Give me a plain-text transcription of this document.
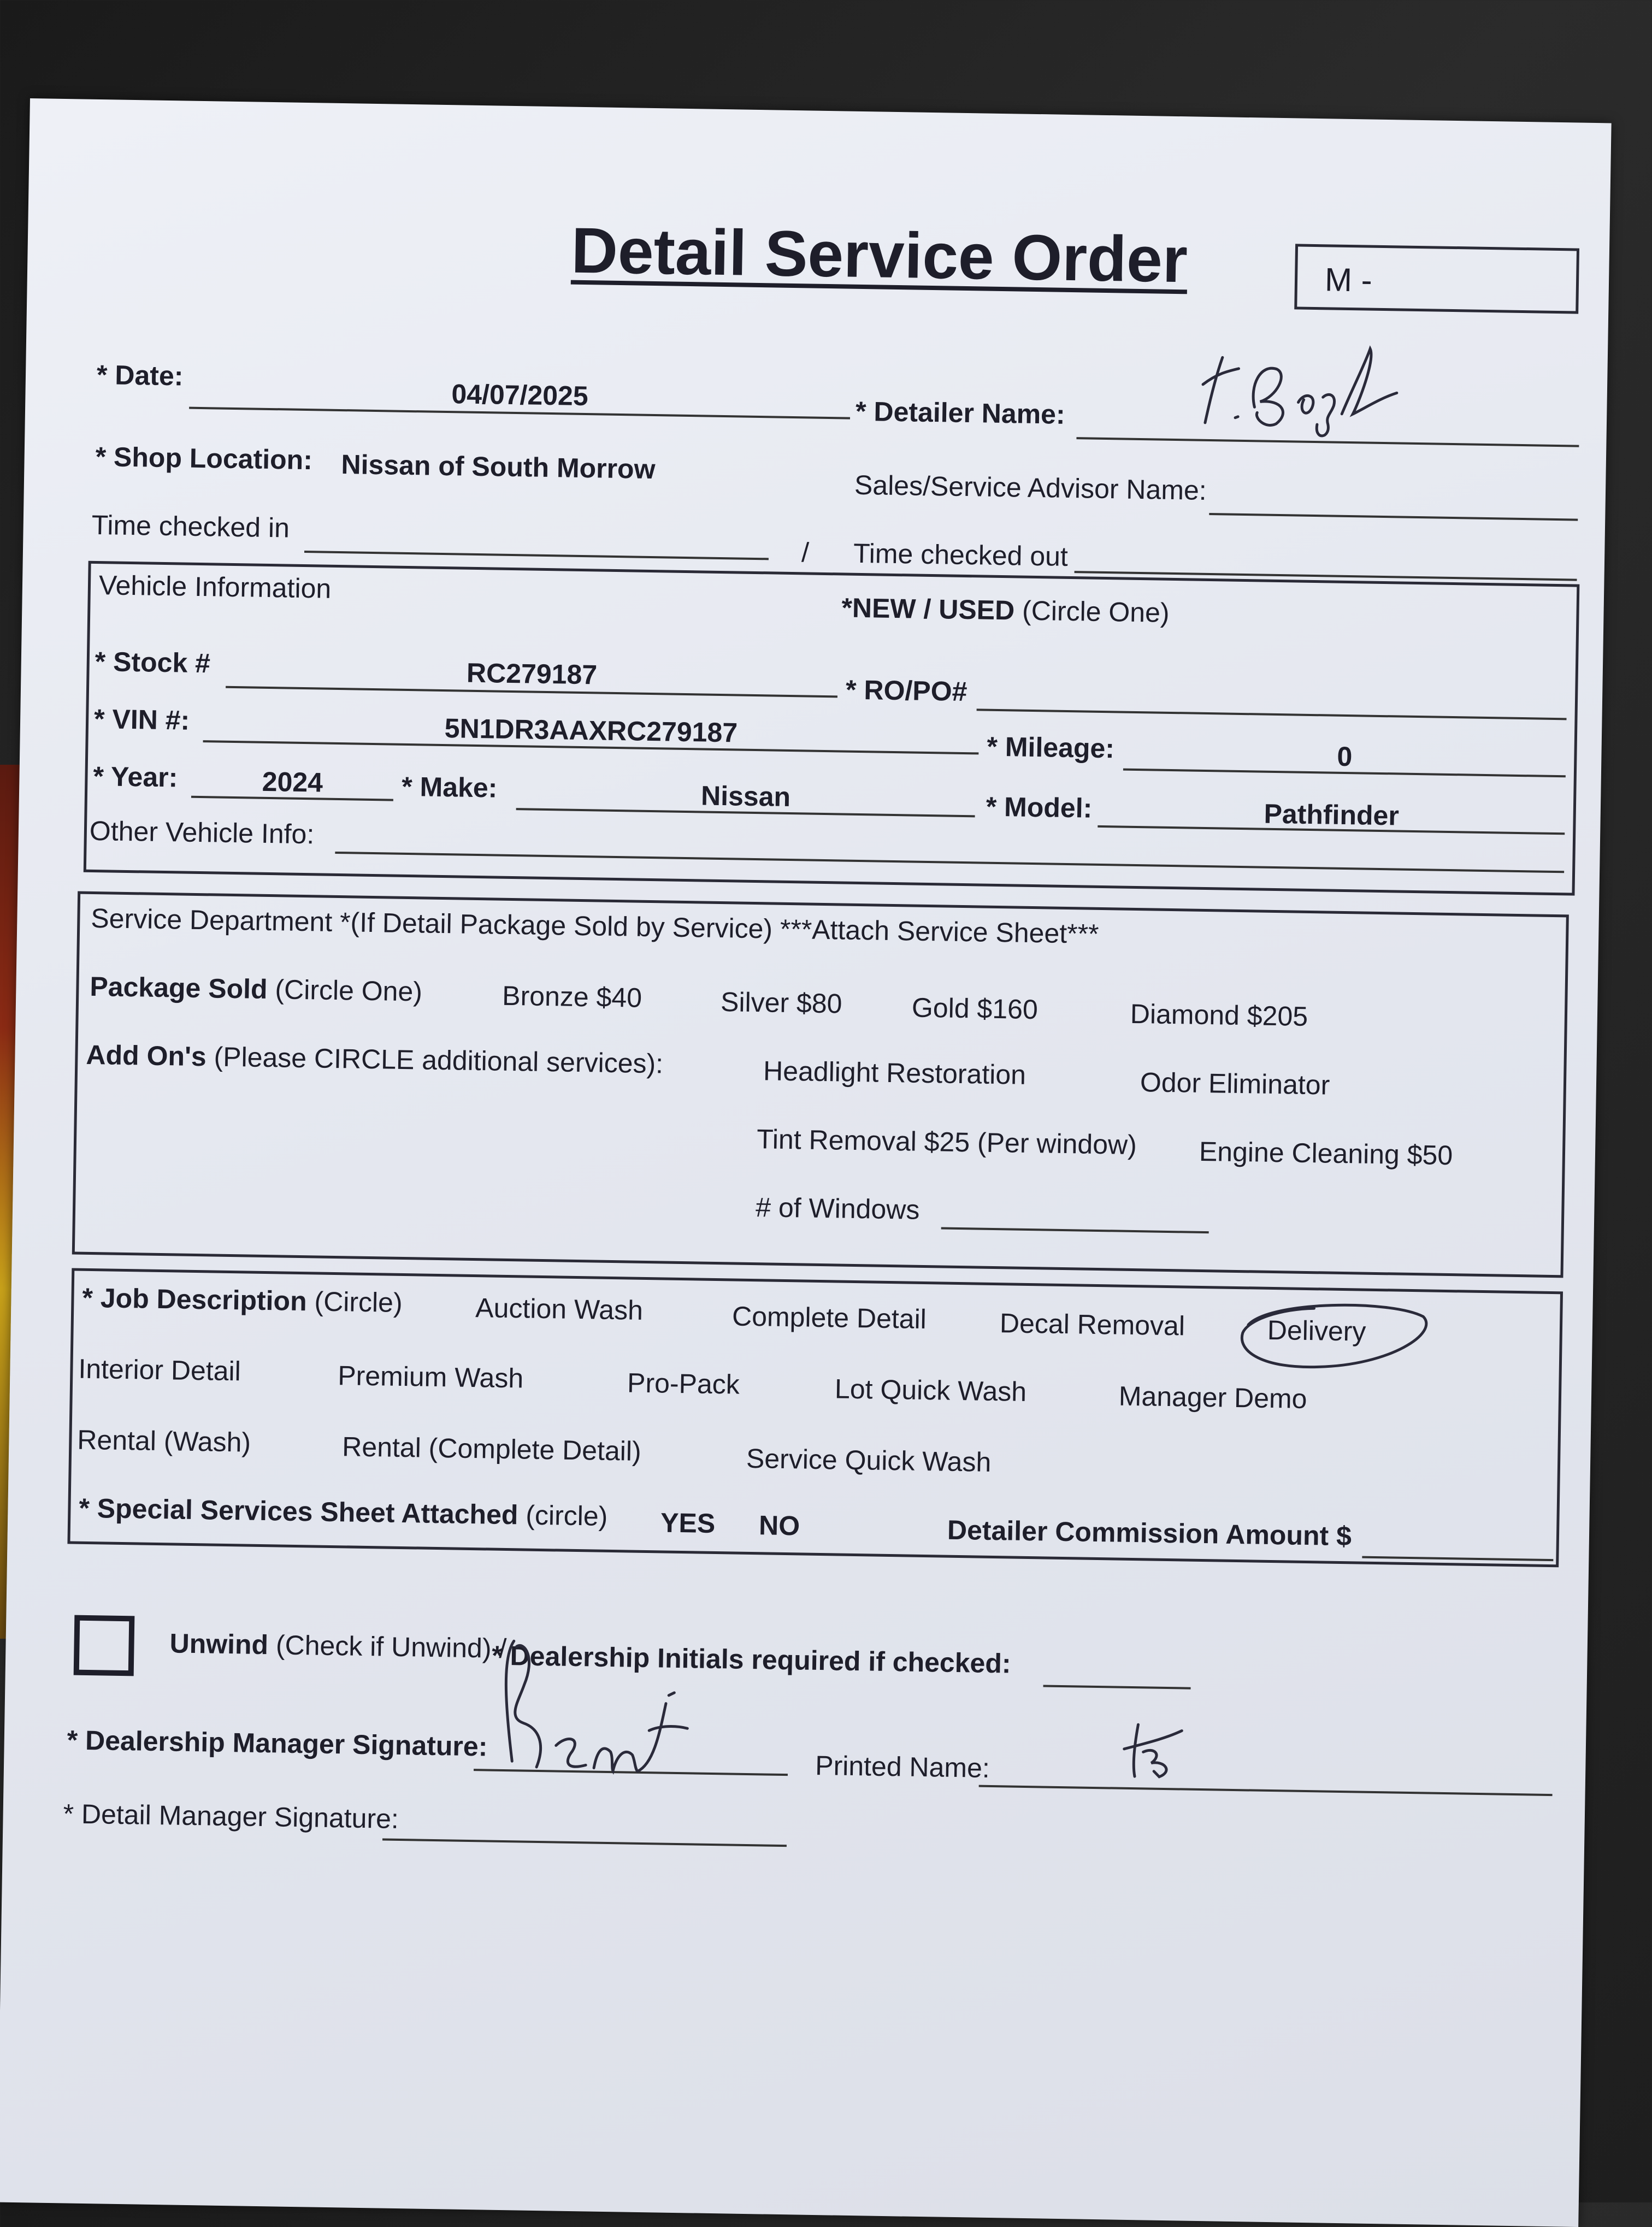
Detail Service Order	M -
* Date:
04/07/2025
* Detailer Name:
* Shop Location: Nissan of South Morrow
Sales/Service Advisor Name:
Time checked in
/ Time checked out
Vehicle Information
*NEW / USED (Circle One)
* Stock #	RC279187
* RO/PO#
* VIN #:	5N1DR3AAXRC279187	* Mileage:	0
* Year:	2024	* Make:	Nissan	* Model:	Pathfinder
Other Vehicle Info:
Service Department *(If Detail Package Sold by Service) ***Attach Service Sheet***
Package Sold (Circle One)	Bronze $40	Silver $80	Gold $160	Diamond $205
Add On's (Please CIRCLE additional services):	Headlight Restoration	Odor Eliminator
Tint Removal $25 (Per window) Engine Cleaning $50
# of Windows
* Job Description (Circle)	Auction Wash	Complete Detail	Decal Removal	Delivery
Interior Detail	Premium Wash	Pro-Pack	Lot Quick Wash	Manager Demo
Rental (Wash)	Rental (Complete Detail)	Service Quick Wash
* Special Services Sheet Attached (circle) YES NO	Detailer Commission Amount $
Unwind (Check if Unwind) /
* Dealership Initials required if checked:
* Dealership Manager Signature:
Printed Name:
* Detail Manager Signature:
